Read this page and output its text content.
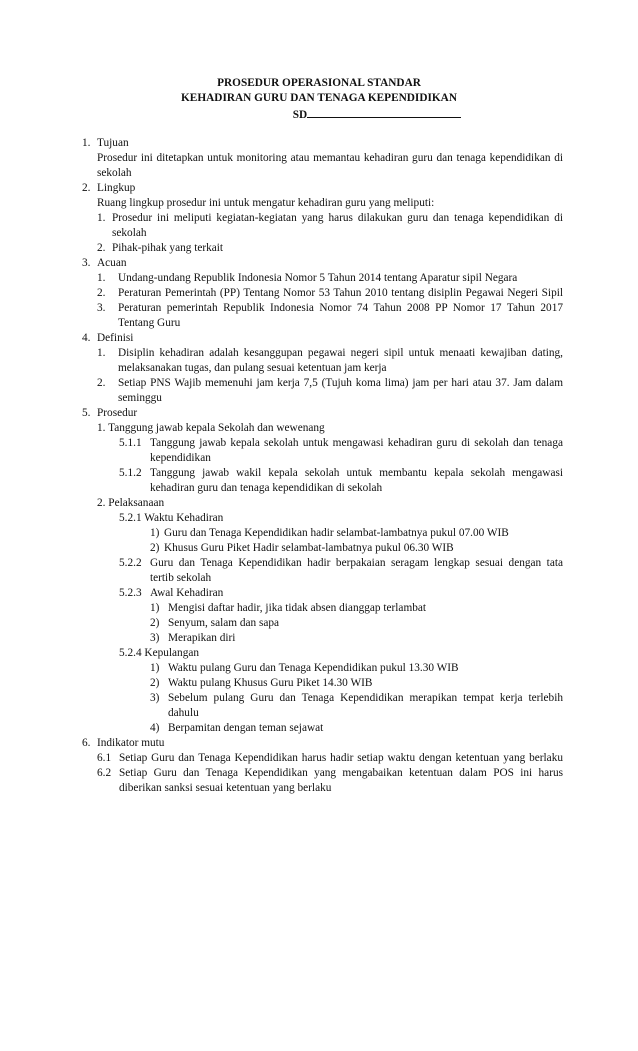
PROSEDUR OPERASIONAL STANDAR
KEHADIRAN GURU DAN TENAGA KEPENDIDIKAN
SD
1. Tujuan
Prosedur ini ditetapkan untuk monitoring atau memantau kehadiran guru dan tenaga kependidikan di
sekolah
2. Lingkup
Ruang lingkup prosedur ini untuk mengatur kehadiran guru yang meliputi:
1. Prosedur ini meliputi kegiatan-kegiatan yang harus dilakukan guru dan tenaga kependidikan di
sekolah
2. Pihak-pihak yang terkait
3. Acuan
1. Undang-undang Republik Indonesia Nomor 5 Tahun 2014 tentang Aparatur sipil Negara
2. Peraturan Pemerintah (PP) Tentang Nomor 53 Tahun 2010 tentang disiplin Pegawai Negeri Sipil
3. Peraturan pemerintah Republik Indonesia Nomor 74 Tahun 2008 PP Nomor 17 Tahun 2017
Tentang Guru
4. Definisi
1. Disiplin kehadiran adalah kesanggupan pegawai negeri sipil untuk menaati kewajiban dating,
melaksanakan tugas, dan pulang sesuai ketentuan jam kerja
2. Setiap PNS Wajib memenuhi jam kerja 7,5 (Tujuh koma lima) jam per hari atau 37. Jam dalam
seminggu
5. Prosedur
1. Tanggung jawab kepala Sekolah dan wewenang
5.1.1 Tanggung jawab kepala sekolah untuk mengawasi kehadiran guru di sekolah dan tenaga
kependidikan
5.1.2 Tanggung jawab wakil kepala sekolah untuk membantu kepala sekolah mengawasi
kehadiran guru dan tenaga kependidikan di sekolah
2. Pelaksanaan
5.2.1 Waktu Kehadiran
1) Guru dan Tenaga Kependidikan hadir selambat-lambatnya pukul 07.00 WIB
2) Khusus Guru Piket Hadir selambat-lambatnya pukul 06.30 WIB
5.2.2 Guru dan Tenaga Kependidikan hadir berpakaian seragam lengkap sesuai dengan tata
tertib sekolah
5.2.3 Awal Kehadiran
1) Mengisi daftar hadir, jika tidak absen dianggap terlambat
2) Senyum, salam dan sapa
3) Merapikan diri
5.2.4 Kepulangan
1) Waktu pulang Guru dan Tenaga Kependidikan pukul 13.30 WIB
2) Waktu pulang Khusus Guru Piket 14.30 WIB
3) Sebelum pulang Guru dan Tenaga Kependidikan merapikan tempat kerja terlebih
dahulu
4) Berpamitan dengan teman sejawat
6. Indikator mutu
6.1 Setiap Guru dan Tenaga Kependidikan harus hadir setiap waktu dengan ketentuan yang berlaku
6.2 Setiap Guru dan Tenaga Kependidikan yang mengabaikan ketentuan dalam POS ini harus
diberikan sanksi sesuai ketentuan yang berlaku
